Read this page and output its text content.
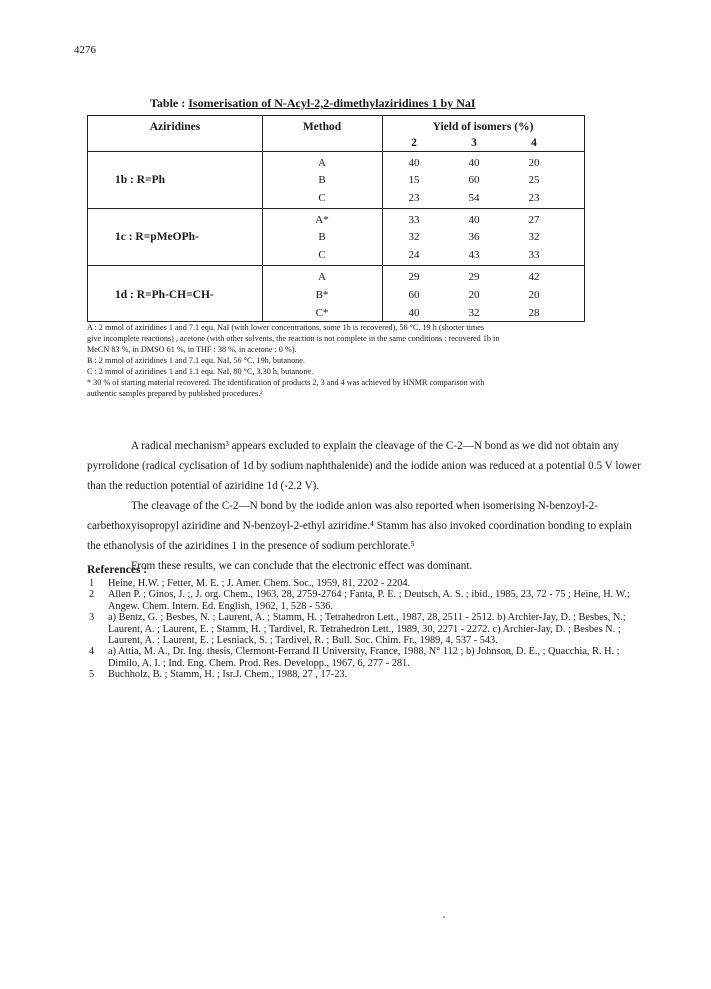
4276
Table : Isomerisation of N-Acyl-2,2-dimethylaziridines 1 by NaI
Aziridines	Method	Yield of isomers (%)
2	3	4
1b : R=Ph
A	40	40	20
B	15	60	25
C	23	54	23
1c : R=pMeOPh-
A*	33	40	27
B	32	36	32
C	24	43	33
1d : R=Ph-CH=CH-
A	29	29	42
B*	60	20	20
C*	40	32	28
A : 2 mmol of aziridines 1 and 7.1 equ. NaI (with lower concentrations, some 1b is recovered), 56 °C, 19 h (shorter times
give incomplete reactions) , acetone (with other solvents, the reaction is not complete in the same conditions : recovered 1b in
MeCN 83 %, in DMSO 61 %, in THF : 38 %, in acetone : 0 %).
B : 2 mmol of aziridines 1 and 7.1 equ. NaI, 56 °C, 19h, butanone.
C : 2 mmol of aziridines 1 and 1.1 equ. NaI, 80 °C, 3.30 h, butanone.
* 30 % of starting material recovered. The identification of products 2, 3 and 4 was achieved by HNMR comparison with
authentic samples prepared by published procedures.²

A radical mechanism³ appears excluded to explain the cleavage of the C-2—N bond as we did not obtain any pyrrolidone (radical cyclisation of 1d by sodium naphthalenide) and the iodide anion was reduced at a potential 0.5 V lower than the reduction potential of aziridine 1d (-2.2 V).

The cleavage of the C-2—N bond by the iodide anion was also reported when isomerising N-benzoyl-2-carbethoxyisopropyl aziridine and N-benzoyl-2-ethyl aziridine.⁴ Stamm has also invoked coordination bonding to explain the ethanolysis of the aziridines 1 in the presence of sodium perchlorate.⁵

From these results, we can conclude that the electronic effect was dominant.

References :
1 Heine, H.W. ; Fetter, M. E. ; J. Amer. Chem. Soc., 1959, 81, 2202 - 2204.
2 Allen P. ; Ginos, J. ;, J. org. Chem., 1963, 28, 2759-2764 ; Fanta, P. E. ; Deutsch, A. S. ; ibid., 1985, 23, 72 - 75 ; Heine, H. W.; Angew. Chem. Intern. Ed. English, 1962, 1, 528 - 536.
3 a) Bentz, G. ; Besbes, N. ; Laurent, A. ; Stamm, H. ; Tetrahedron Lett., 1987, 28, 2511 - 2512. b) Archier-Jay, D. ; Besbes, N.; Laurent, A. ; Laurent, E. ; Stamm, H. ; Tardivel, R. Tetrahedron Lett., 1989, 30, 2271 - 2272. c) Archier-Jay, D. ; Besbes N. ; Laurent, A. ; Laurent, E. ; Lesniack, S. ; Tardivel, R. ; Bull. Soc. Chim. Fr., 1989, 4, 537 - 543.
4 a) Attia, M. A., Dr. Ing. thesis, Clermont-Ferrand II University, France, 1988, N° 112 ; b) Johnson, D. E., ; Quacchia, R. H. ; Dimilo, A. I. ; Ind. Eng. Chem. Prod. Res. Developp., 1967, 6, 277 - 281.
5 Buchholz, B. ; Stamm, H. ; Isr.J. Chem., 1988, 27 , 17-23.
